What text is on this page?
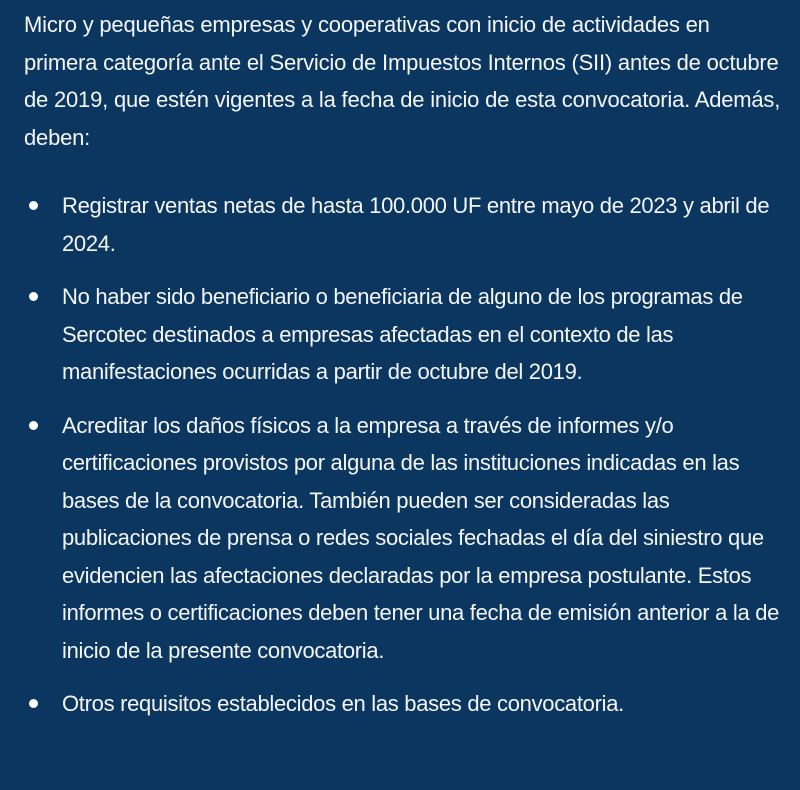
Micro y pequeñas empresas y cooperativas con inicio de actividades en primera categoría ante el Servicio de Impuestos Internos (SII) antes de octubre de 2019, que estén vigentes a la fecha de inicio de esta convocatoria. Además, deben:

Registrar ventas netas de hasta 100.000 UF entre mayo de 2023 y abril de 2024.
No haber sido beneficiario o beneficiaria de alguno de los programas de Sercotec destinados a empresas afectadas en el contexto de las manifestaciones ocurridas a partir de octubre del 2019.
Acreditar los daños físicos a la empresa a través de informes y/o certificaciones provistos por alguna de las instituciones indicadas en las bases de la convocatoria. También pueden ser consideradas las publicaciones de prensa o redes sociales fechadas el día del siniestro que evidencien las afectaciones declaradas por la empresa postulante. Estos informes o certificaciones deben tener una fecha de emisión anterior a la de inicio de la presente convocatoria.
Otros requisitos establecidos en las bases de convocatoria.
